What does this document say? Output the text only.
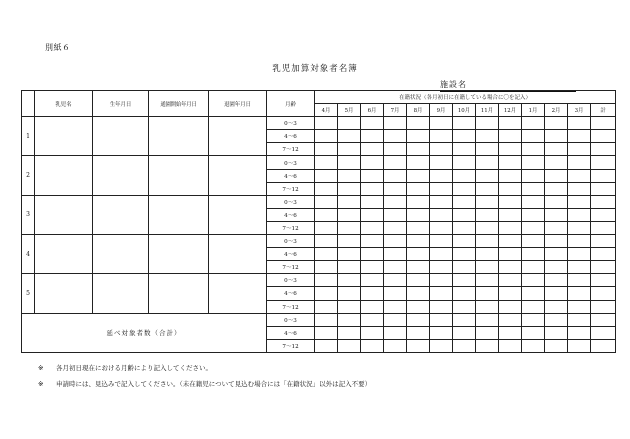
別紙６
乳児加算対象者名簿
施設名
	乳児名	生年月日	通園開始年月日	退園年月日	月齢	在籍状況（各月初日に在籍している場合に〇を記入）												
						4月	5月	6月	7月	8月	9月	10月	11月	12月	1月	2月	3月	計
1					0～3													
					4～6													
					7～12													
2					0～3													
					4～6													
					7～12													
3					0～3													
					4～6													
					7～12													
4					0～3													
					4～6													
					7～12													
5					0～3													
					4～6													
					7～12													
延べ対象者数（合計）					0～3													
					4～6													
					7～12													
※ 各月初日現在における月齢により記入してください。
※ 申請時には、見込みで記入してください。（未在籍児について見込む場合には「在籍状況」以外は記入不要）
